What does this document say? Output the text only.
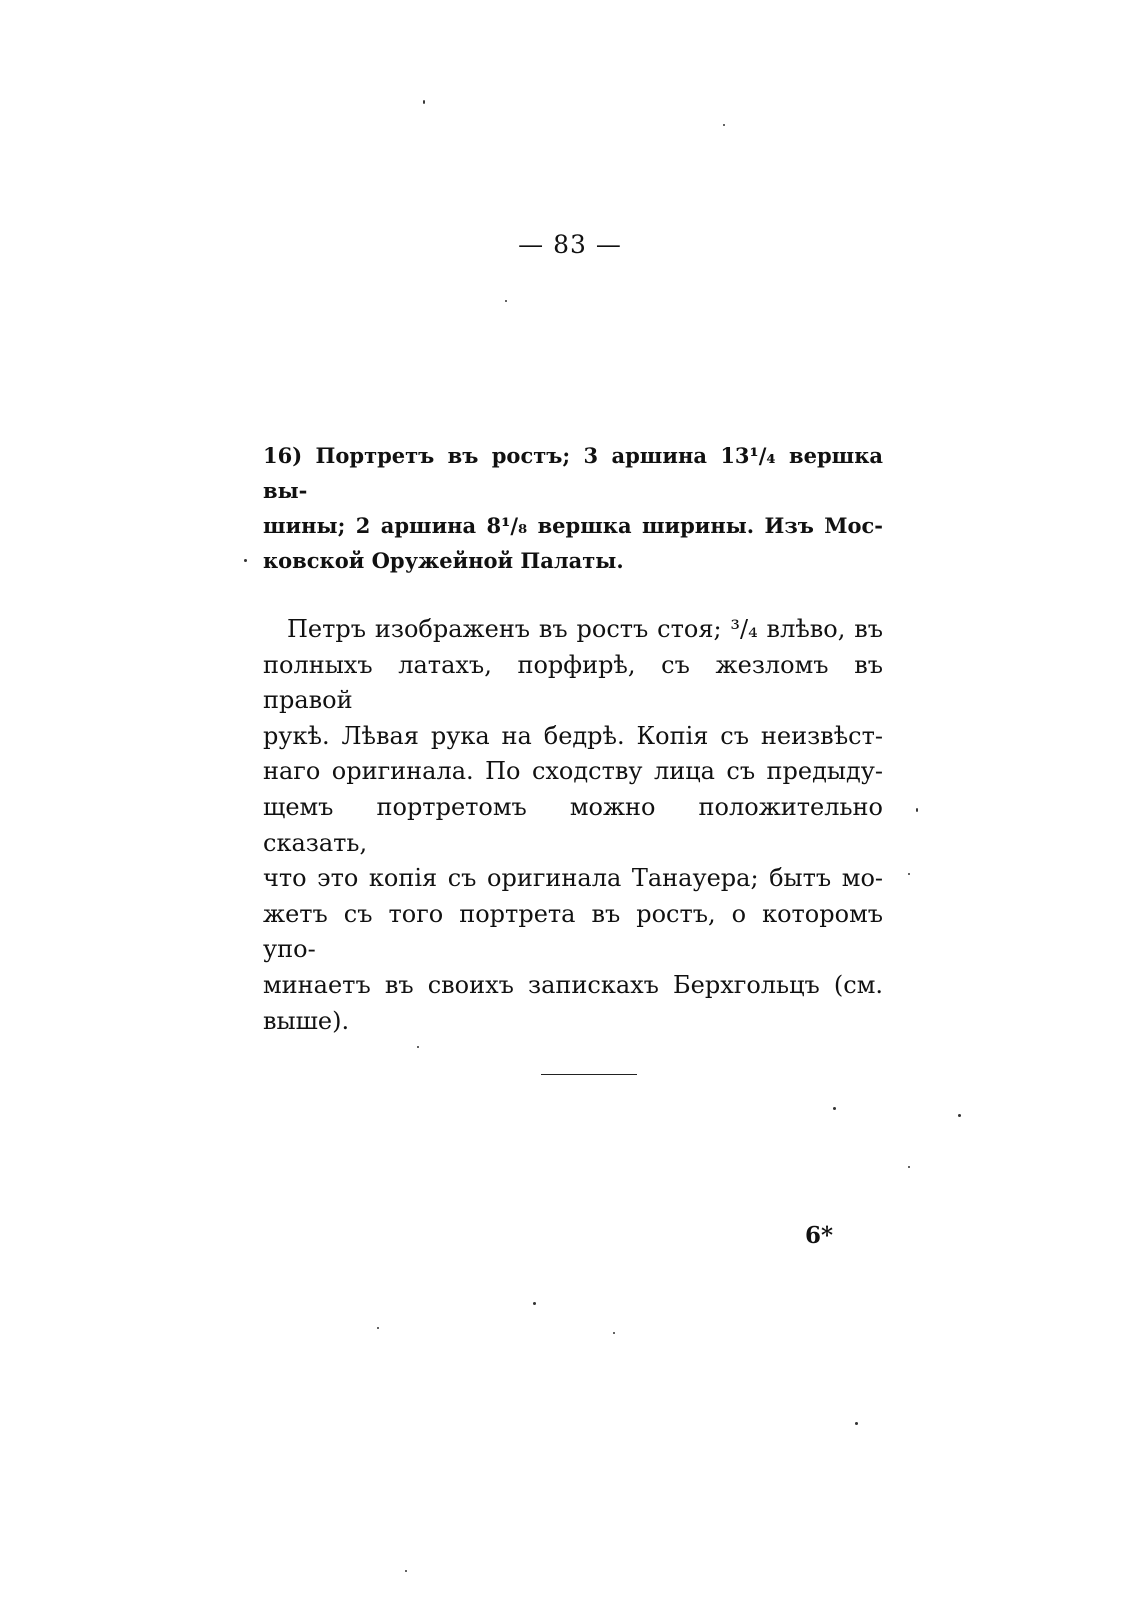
— 83 —
16) Портретъ въ ростъ; 3 аршина 13¹/₄ вершка вы-
шины; 2 аршина 8¹/₈ вершка ширины. Изъ Мос-
ковской Оружейной Палаты.
Петръ изображенъ въ ростъ стоя; ³/₄ влѣво, въ
полныхъ латахъ, порфирѣ, съ жезломъ въ правой
рукѣ. Лѣвая рука на бедрѣ. Копія съ неизвѣст-
наго оригинала. По сходству лица съ предыду-
щемъ портретомъ можно положительно сказать,
что это копія съ оригинала Танауера; бытъ мо-
жетъ съ того портрета въ ростъ, о которомъ упо-
минаетъ въ своихъ запискахъ Берхгольцъ (см.
выше).
6*
